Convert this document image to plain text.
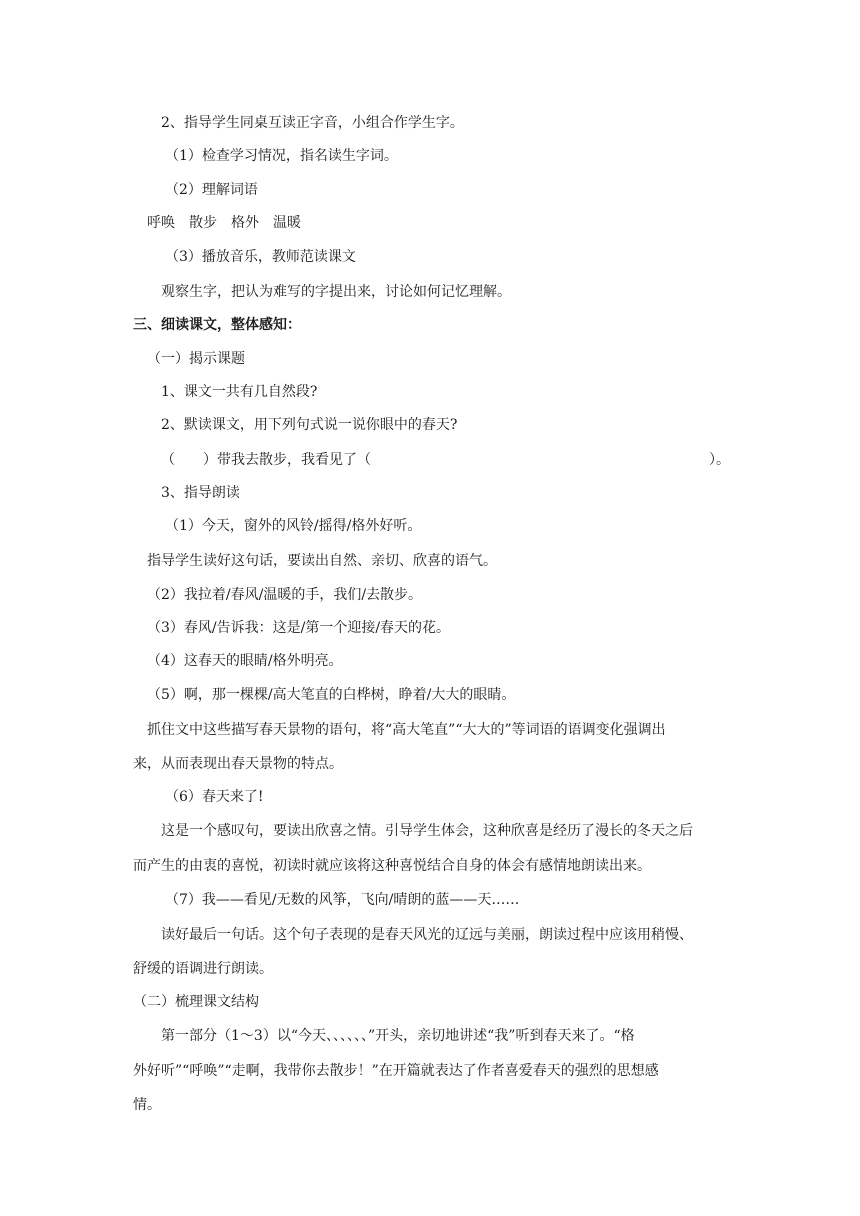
2、指导学生同桌互读正字音，小组合作学生字。
（1）检查学习情况，指名读生字词。
（2）理解词语
呼唤　散步　格外　温暖
（3）播放音乐，教师范读课文
观察生字，把认为难写的字提出来，讨论如何记忆理解。
三、细读课文，整体感知：
（一）揭示课题
1、课文一共有几自然段?
2、默读课文，用下列句式说一说你眼中的春天?
（　　）带我去散步，我看见了（	）。
3、指导朗读
（1）今天，窗外的风铃/摇得/格外好听。
指导学生读好这句话，要读出自然、亲切、欣喜的语气。
（2）我拉着/春风/温暖的手，我们/去散步。
（3）春风/告诉我：这是/第一个迎接/春天的花。
（4）这春天的眼睛/格外明亮。
（5）啊，那一棵棵/高大笔直的白桦树，睁着/大大的眼睛。
抓住文中这些描写春天景物的语句，将“高大笔直”“大大的”等词语的语调变化强调出
来，从而表现出春天景物的特点。
（6）春天来了!
这是一个感叹句，要读出欣喜之情。引导学生体会，这种欣喜是经历了漫长的冬天之后
而产生的由衷的喜悦，初读时就应该将这种喜悦结合自身的体会有感情地朗读出来。
（7）我——看见/无数的风筝，飞向/晴朗的蓝——天……
读好最后一句话。这个句子表现的是春天风光的辽远与美丽，朗读过程中应该用稍慢、
舒缓的语调进行朗读。
（二）梳理课文结构
第一部分（1～3）以“今天、、、、、、”开头，亲切地讲述“我”听到春天来了。“格
外好听”“呼唤”“走啊，我带你去散步！”在开篇就表达了作者喜爱春天的强烈的思想感
情。
